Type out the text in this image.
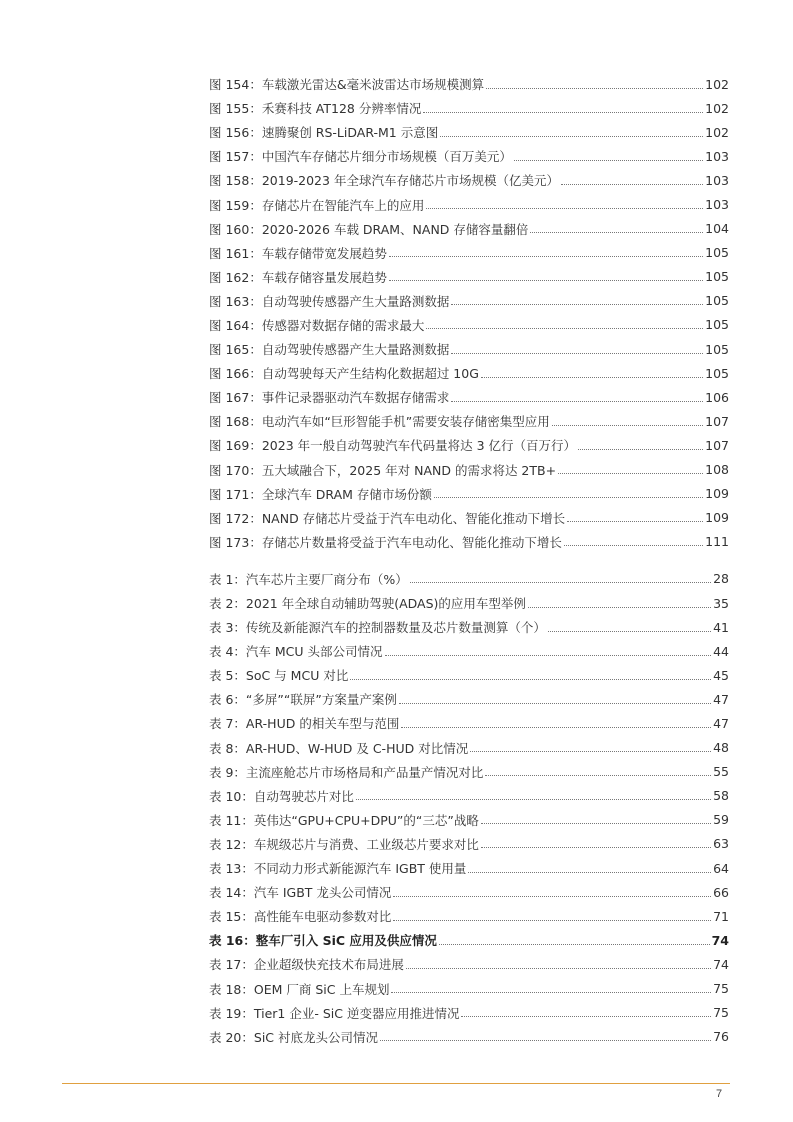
图 154：车载激光雷达&毫米波雷达市场规模测算	102
图 155：禾赛科技 AT128 分辨率情况	102
图 156：速腾聚创 RS-LiDAR-M1 示意图	102
图 157：中国汽车存储芯片细分市场规模（百万美元）	103
图 158：2019-2023 年全球汽车存储芯片市场规模（亿美元）	103
图 159：存储芯片在智能汽车上的应用	103
图 160：2020-2026 车载 DRAM、NAND 存储容量翻倍	104
图 161：车载存储带宽发展趋势	105
图 162：车载存储容量发展趋势	105
图 163：自动驾驶传感器产生大量路测数据	105
图 164：传感器对数据存储的需求最大	105
图 165：自动驾驶传感器产生大量路测数据	105
图 166：自动驾驶每天产生结构化数据超过 10G	105
图 167：事件记录器驱动汽车数据存储需求	106
图 168：电动汽车如“巨形智能手机”需要安装存储密集型应用	107
图 169：2023 年一般自动驾驶汽车代码量将达 3 亿行（百万行）	107
图 170：五大域融合下，2025 年对 NAND 的需求将达 2TB+	108
图 171：全球汽车 DRAM 存储市场份额	109
图 172：NAND 存储芯片受益于汽车电动化、智能化推动下增长	109
图 173：存储芯片数量将受益于汽车电动化、智能化推动下增长	111
表 1：汽车芯片主要厂商分布（%）	28
表 2：2021 年全球自动辅助驾驶(ADAS)的应用车型举例	35
表 3：传统及新能源汽车的控制器数量及芯片数量测算（个）	41
表 4：汽车 MCU 头部公司情况	44
表 5：SoC 与 MCU 对比	45
表 6：“多屏”“联屏”方案量产案例	47
表 7：AR-HUD 的相关车型与范围	47
表 8：AR-HUD、W-HUD 及 C-HUD 对比情况	48
表 9：主流座舱芯片市场格局和产品量产情况对比	55
表 10：自动驾驶芯片对比	58
表 11：英伟达“GPU+CPU+DPU”的“三芯”战略	59
表 12：车规级芯片与消费、工业级芯片要求对比	63
表 13：不同动力形式新能源汽车 IGBT 使用量	64
表 14：汽车 IGBT 龙头公司情况	66
表 15：高性能车电驱动参数对比	71
表 16：整车厂引入 SiC 应用及供应情况	74
表 17：企业超级快充技术布局进展	74
表 18：OEM 厂商 SiC 上车规划	75
表 19：Tier1 企业- SiC 逆变器应用推进情况	75
表 20：SiC 衬底龙头公司情况	76
7
